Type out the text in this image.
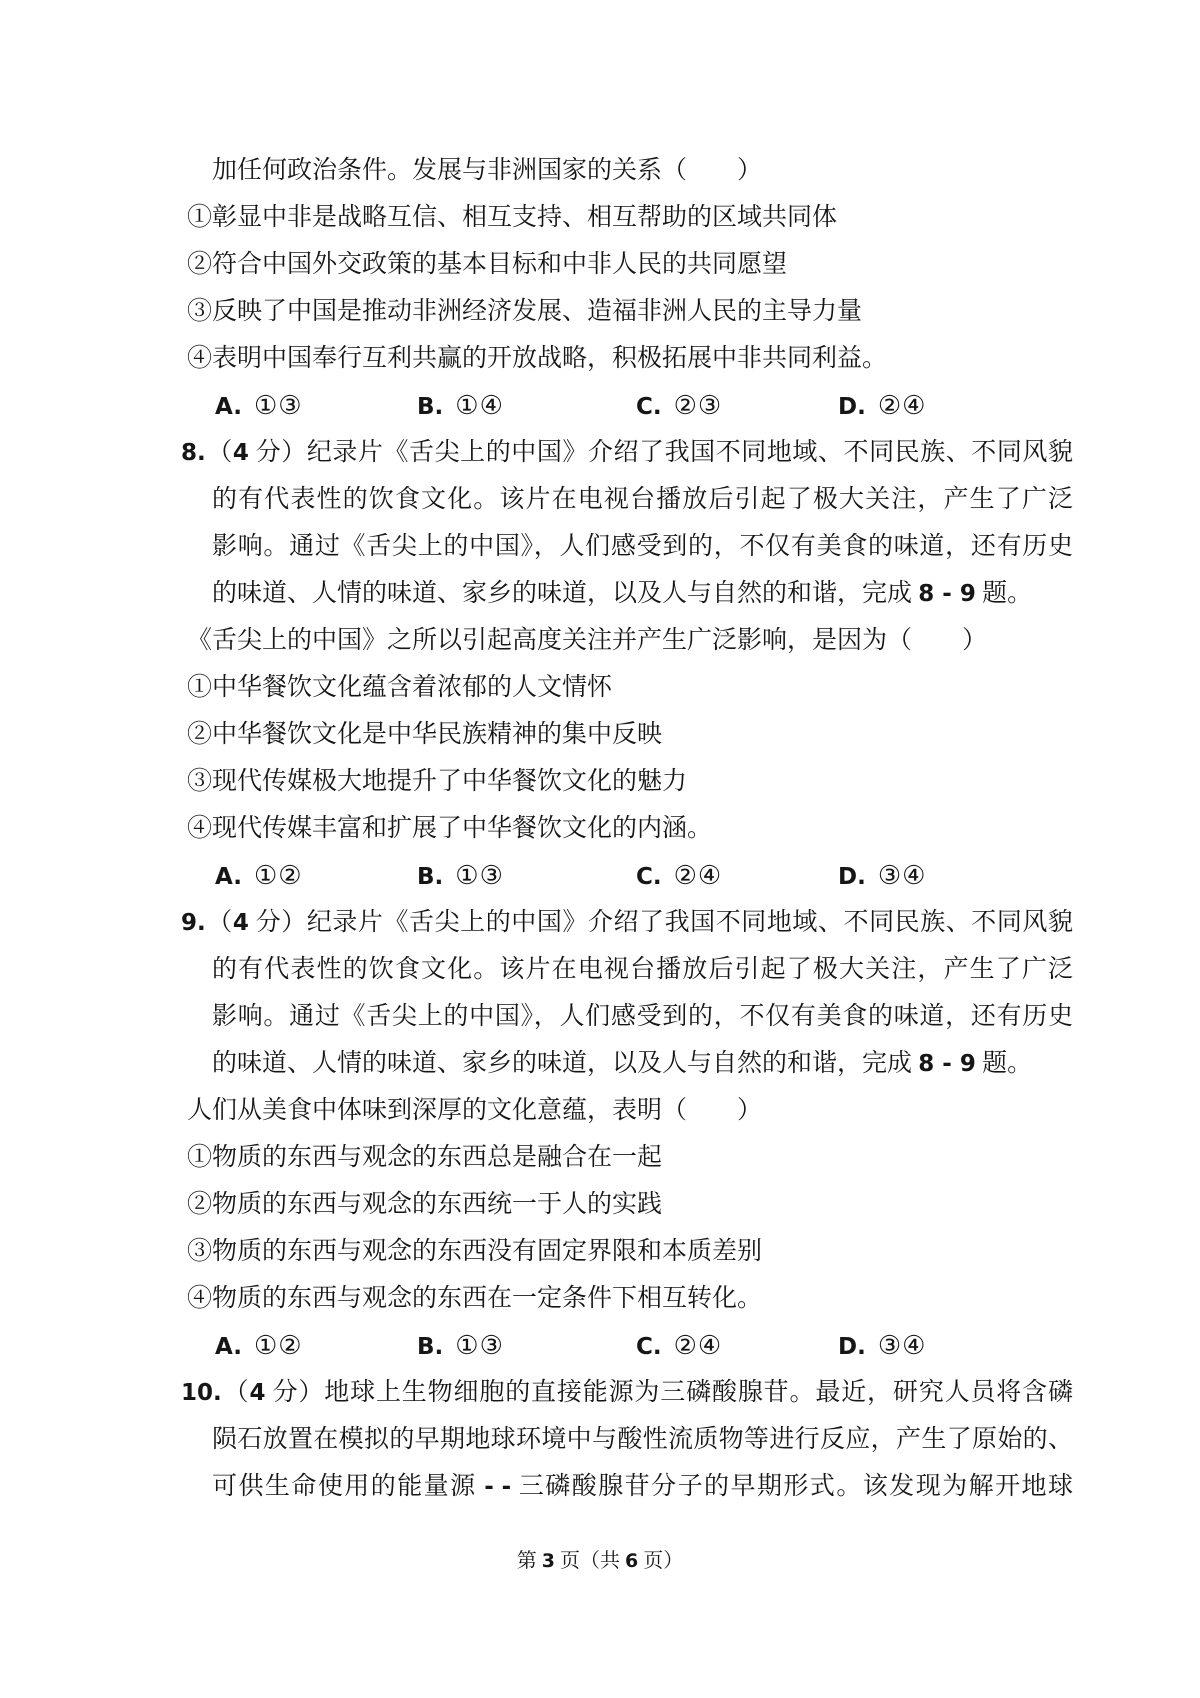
加任何政治条件。发展与非洲国家的关系（　　）
①彰显中非是战略互信、相互支持、相互帮助的区域共同体
②符合中国外交政策的基本目标和中非人民的共同愿望
③反映了中国是推动非洲经济发展、造福非洲人民的主导力量
④表明中国奉行互利共赢的开放战略，积极拓展中非共同利益。
A. ①③	B. ①④	C. ②③	D. ②④
8.（4 分）纪录片《舌尖上的中国》介绍了我国不同地域、不同民族、不同风貌
的有代表性的饮食文化。该片在电视台播放后引起了极大关注，产生了广泛
影响。通过《舌尖上的中国》，人们感受到的，不仅有美食的味道，还有历史
的味道、人情的味道、家乡的味道，以及人与自然的和谐，完成 8 - 9 题。
《舌尖上的中国》之所以引起高度关注并产生广泛影响，是因为（　　）
①中华餐饮文化蕴含着浓郁的人文情怀
②中华餐饮文化是中华民族精神的集中反映
③现代传媒极大地提升了中华餐饮文化的魅力
④现代传媒丰富和扩展了中华餐饮文化的内涵。
A. ①②	B. ①③	C. ②④	D. ③④
9.（4 分）纪录片《舌尖上的中国》介绍了我国不同地域、不同民族、不同风貌
的有代表性的饮食文化。该片在电视台播放后引起了极大关注，产生了广泛
影响。通过《舌尖上的中国》，人们感受到的，不仅有美食的味道，还有历史
的味道、人情的味道、家乡的味道，以及人与自然的和谐，完成 8 - 9 题。
人们从美食中体味到深厚的文化意蕴，表明（　　）
①物质的东西与观念的东西总是融合在一起
②物质的东西与观念的东西统一于人的实践
③物质的东西与观念的东西没有固定界限和本质差别
④物质的东西与观念的东西在一定条件下相互转化。
A. ①②	B. ①③	C. ②④	D. ③④
10.（4 分）地球上生物细胞的直接能源为三磷酸腺苷。最近，研究人员将含磷
陨石放置在模拟的早期地球环境中与酸性流质物等进行反应，产生了原始的、
可供生命使用的能量源 - - 三磷酸腺苷分子的早期形式。该发现为解开地球
第 3 页（共 6 页）
